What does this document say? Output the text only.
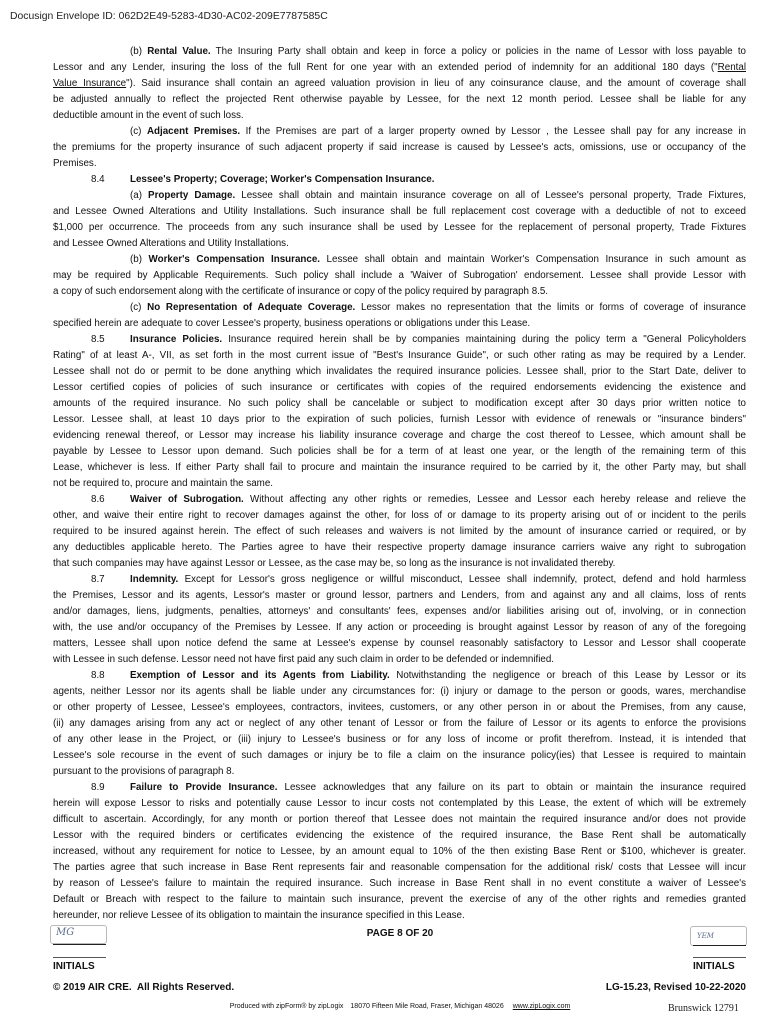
Docusign Envelope ID: 062D2E49-5283-4D30-AC02-209E7787585C
(b) Rental Value. The Insuring Party shall obtain and keep in force a policy or policies in the name of Lessor with loss payable to
Lessor and any Lender, insuring the loss of the full Rent for one year with an extended period of indemnity for an additional 180 days ("Rental
Value Insurance"). Said insurance shall contain an agreed valuation provision in lieu of any coinsurance clause, and the amount of coverage shall
be adjusted annually to reflect the projected Rent otherwise payable by Lessee, for the next 12 month period. Lessee shall be liable for any
deductible amount in the event of such loss.
(c) Adjacent Premises. If the Premises are part of a larger property owned by Lessor , the Lessee shall pay for any increase in
the premiums for the property insurance of such adjacent property if said increase is caused by Lessee's acts, omissions, use or occupancy of the
Premises.
8.4	Lessee's Property; Coverage; Worker's Compensation Insurance.
(a) Property Damage. Lessee shall obtain and maintain insurance coverage on all of Lessee's personal property, Trade Fixtures,
and Lessee Owned Alterations and Utility Installations. Such insurance shall be full replacement cost coverage with a deductible of not to exceed
$1,000 per occurrence. The proceeds from any such insurance shall be used by Lessee for the replacement of personal property, Trade Fixtures
and Lessee Owned Alterations and Utility Installations.
(b) Worker's Compensation Insurance. Lessee shall obtain and maintain Worker's Compensation Insurance in such amount as
may be required by Applicable Requirements. Such policy shall include a 'Waiver of Subrogation' endorsement. Lessee shall provide Lessor with
a copy of such endorsement along with the certificate of insurance or copy of the policy required by paragraph 8.5.
(c) No Representation of Adequate Coverage. Lessor makes no representation that the limits or forms of coverage of insurance
specified herein are adequate to cover Lessee's property, business operations or obligations under this Lease.
8.5	Insurance Policies. Insurance required herein shall be by companies maintaining during the policy term a "General Policyholders
Rating" of at least A-, VII, as set forth in the most current issue of "Best's Insurance Guide", or such other rating as may be required by a Lender.
Lessee shall not do or permit to be done anything which invalidates the required insurance policies. Lessee shall, prior to the Start Date, deliver to
Lessor certified copies of policies of such insurance or certificates with copies of the required endorsements evidencing the existence and
amounts of the required insurance. No such policy shall be cancelable or subject to modification except after 30 days prior written notice to
Lessor. Lessee shall, at least 10 days prior to the expiration of such policies, furnish Lessor with evidence of renewals or "insurance binders"
evidencing renewal thereof, or Lessor may increase his liability insurance coverage and charge the cost thereof to Lessee, which amount shall be
payable by Lessee to Lessor upon demand. Such policies shall be for a term of at least one year, or the length of the remaining term of this
Lease, whichever is less. If either Party shall fail to procure and maintain the insurance required to be carried by it, the other Party may, but shall
not be required to, procure and maintain the same.
8.6	Waiver of Subrogation. Without affecting any other rights or remedies, Lessee and Lessor each hereby release and relieve the
other, and waive their entire right to recover damages against the other, for loss of or damage to its property arising out of or incident to the perils
required to be insured against herein. The effect of such releases and waivers is not limited by the amount of insurance carried or required, or by
any deductibles applicable hereto. The Parties agree to have their respective property damage insurance carriers waive any right to subrogation
that such companies may have against Lessor or Lessee, as the case may be, so long as the insurance is not invalidated thereby.
8.7	Indemnity. Except for Lessor's gross negligence or willful misconduct, Lessee shall indemnify, protect, defend and hold harmless
the Premises, Lessor and its agents, Lessor's master or ground lessor, partners and Lenders, from and against any and all claims, loss of rents
and/or damages, liens, judgments, penalties, attorneys' and consultants' fees, expenses and/or liabilities arising out of, involving, or in connection
with, the use and/or occupancy of the Premises by Lessee. If any action or proceeding is brought against Lessor by reason of any of the foregoing
matters, Lessee shall upon notice defend the same at Lessee's expense by counsel reasonably satisfactory to Lessor and Lessor shall cooperate
with Lessee in such defense. Lessor need not have first paid any such claim in order to be defended or indemnified.
8.8	Exemption of Lessor and its Agents from Liability. Notwithstanding the negligence or breach of this Lease by Lessor or its
agents, neither Lessor nor its agents shall be liable under any circumstances for: (i) injury or damage to the person or goods, wares, merchandise
or other property of Lessee, Lessee's employees, contractors, invitees, customers, or any other person in or about the Premises, from any cause,
(ii) any damages arising from any act or neglect of any other tenant of Lessor or from the failure of Lessor or its agents to enforce the provisions
of any other lease in the Project, or (iii) injury to Lessee's business or for any loss of income or profit therefrom. Instead, it is intended that
Lessee's sole recourse in the event of such damages or injury be to file a claim on the insurance policy(ies) that Lessee is required to maintain
pursuant to the provisions of paragraph 8.
8.9	Failure to Provide Insurance. Lessee acknowledges that any failure on its part to obtain or maintain the insurance required
herein will expose Lessor to risks and potentially cause Lessor to incur costs not contemplated by this Lease, the extent of which will be extremely
difficult to ascertain. Accordingly, for any month or portion thereof that Lessee does not maintain the required insurance and/or does not provide
Lessor with the required binders or certificates evidencing the existence of the required insurance, the Base Rent shall be automatically
increased, without any requirement for notice to Lessee, by an amount equal to 10% of the then existing Base Rent or $100, whichever is greater.
The parties agree that such increase in Base Rent represents fair and reasonable compensation for the additional risk/ costs that Lessee will incur
by reason of Lessee's failure to maintain the required insurance. Such increase in Base Rent shall in no event constitute a waiver of Lessee's
Default or Breach with respect to the failure to maintain such insurance, prevent the exercise of any of the other rights and remedies granted
hereunder, nor relieve Lessee of its obligation to maintain the insurance specified in this Lease.
MG
INITIALS
PAGE 8 OF 20	YEM
INITIALS
© 2019 AIR CRE.  All Rights Reserved.	LG-15.23, Revised 10-22-2020
Produced with zipForm® by zipLogix 18070 Fifteen Mile Road, Fraser, Michigan 48026 www.zipLogix.com	Brunswick 12791
